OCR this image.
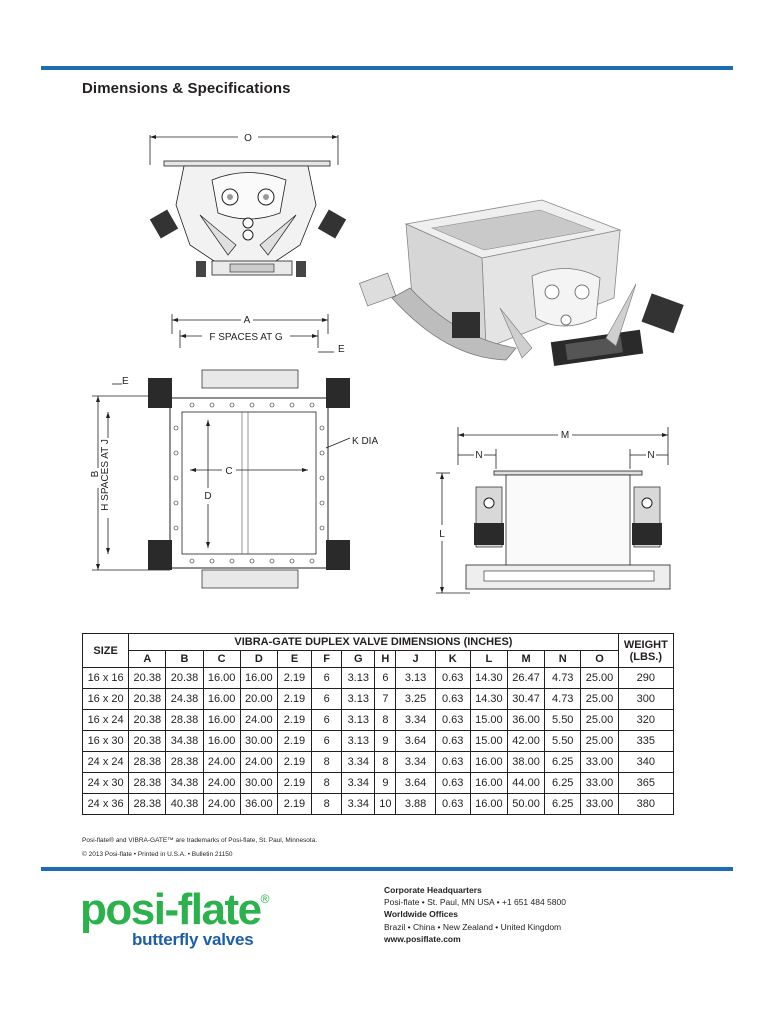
Dimensions & Specifications
O
A
F SPACES AT G
E
E
C
D
K DIA
B H SPACES AT J
M
N	N
L
SIZE	VIBRA-GATE DUPLEX VALVE DIMENSIONS (INCHES)														WEIGHT (LBS.)
	A	B	C	D	E	F	G	H	J	K	L	M	N	O	
16 x 16	20.38	20.38	16.00	16.00	2.19	6	3.13	6	3.13	0.63	14.30	26.47	4.73	25.00	290
16 x 20	20.38	24.38	16.00	20.00	2.19	6	3.13	7	3.25	0.63	14.30	30.47	4.73	25.00	300
16 x 24	20.38	28.38	16.00	24.00	2.19	6	3.13	8	3.34	0.63	15.00	36.00	5.50	25.00	320
16 x 30	20.38	34.38	16.00	30.00	2.19	6	3.13	9	3.64	0.63	15.00	42.00	5.50	25.00	335
24 x 24	28.38	28.38	24.00	24.00	2.19	8	3.34	8	3.34	0.63	16.00	38.00	6.25	33.00	340
24 x 30	28.38	34.38	24.00	30.00	2.19	8	3.34	9	3.64	0.63	16.00	44.00	6.25	33.00	365
24 x 36	28.38	40.38	24.00	36.00	2.19	8	3.34	10	3.88	0.63	16.00	50.00	6.25	33.00	380
Posi-flate® and VIBRA-GATE™ are trademarks of Posi-flate, St. Paul, Minnesota.
© 2013 Posi-flate • Printed in U.S.A. • Bulletin 21150
posi-flate®
butterfly valves
Corporate Headquarters
Posi-flate • St. Paul, MN USA • +1 651 484 5800
Worldwide Offices
Brazil • China • New Zealand • United Kingdom
www.posiflate.com
